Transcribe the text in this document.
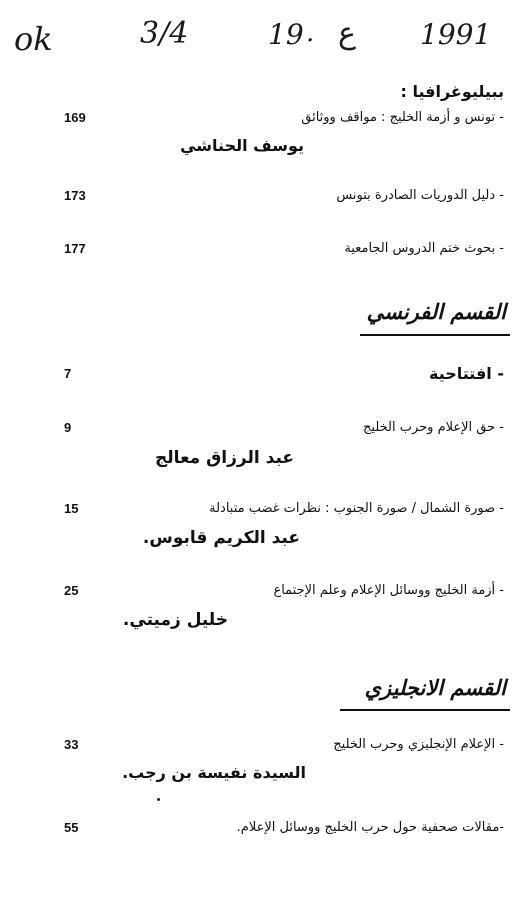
ok	3/4	19 . ع 1991
ببيليوغرافيا :
- تونس و أزمة الخليج : مواقف ووثائق
169
يوسف الحناشي
- دليل الدوريات الصادرة بتونس
173
- بحوث ختم الدروس الجامعية
177
القسم الفرنسي
- افتتاحية
7
- حق الإعلام وحرب الخليج
9
عبد الرزاق معالج
- صورة الشمال / صورة الجنوب : نظرات غضب متبادلة
15
عبد الكريم قابوس.
- أزمة الخليج ووسائل الإعلام وعلم الإجتماع
25
خليل زميتي.
القسم الانجليزي
- الإعلام الإنجليزي وحرب الخليج
33
السيدة نفيسة بن رجب.
-مقالات صحفية حول حرب الخليج ووسائل الإعلام.
55
